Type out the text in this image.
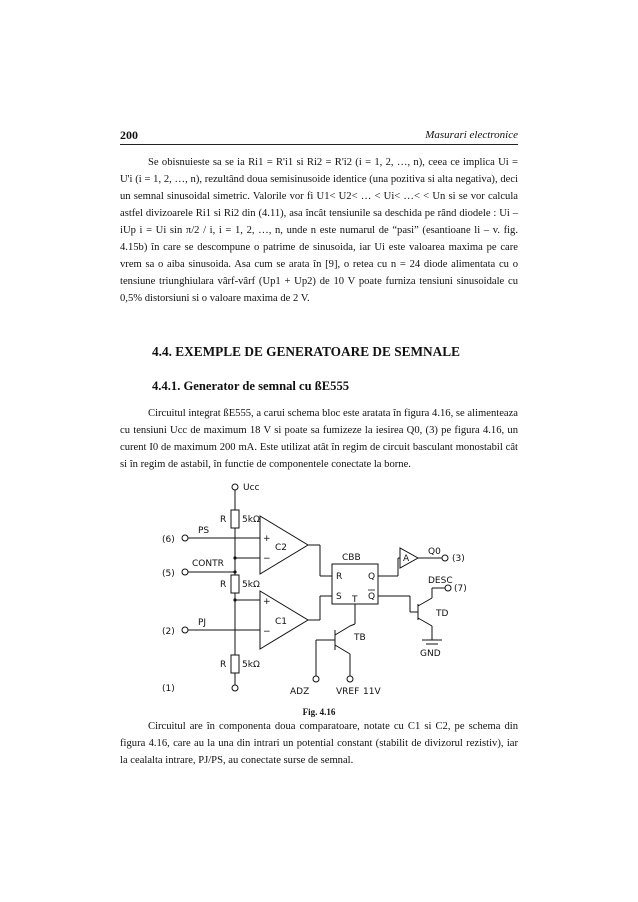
200	Masurari electronice

Se obisnuieste sa se ia Ri1 = R'i1 si Ri2 = R'i2 (i = 1, 2, …, n), ceea ce implica Ui = U'i (i = 1, 2, …, n), rezultând doua semisinusoide identice (una pozitiva si alta negativa), deci un semnal sinusoidal simetric. Valorile vor fi U1< U2< … < Ui< …< < Un si se vor calcula astfel divizoarele Ri1 si Ri2 din (4.11), asa încât tensiunile sa deschida pe rând diodele : Ui – iUp i = Ui sin π/2 / i, i = 1, 2, …, n, unde n este numarul de “pasi” (esantioane li – v. fig. 4.15b) în care se descompune o patrime de sinusoida, iar Ui este valoarea maxima pe care vrem sa o aiba sinusoida. Asa cum se arata în [9], o retea cu n = 24 diode alimentata cu o tensiune triunghiulara vârf-vârf (Up1 + Up2) de 10 V poate furniza tensiuni sinusoidale cu 0,5% distorsiuni si o valoare maxima de 2 V.

4.4. EXEMPLE DE GENERATOARE DE SEMNALE
4.4.1. Generator de semnal cu ßE555

Circuitul integrat ßE555, a carui schema bloc este aratata în figura 4.16, se alimenteaza cu tensiuni Ucc de maximum 18 V si poate sa fumizeze la iesirea Q0, (3) pe figura 4.16, un curent I0 de maximum 200 mA. Este utilizat atât în regim de circuit basculant monostabil cât si în regim de astabil, în functie de componentele conectate la borne.

Ucc
R 5kΩ
R 5kΩ
R 5kΩ
PS
(6)
CONTR
(5)
PJ
(2)
(1)
+
−
C2
+
−
C1
CBB
R
S
Q
Q
T
A
Q0
(3)
DESC
(7)
TD
TB
GND
ADZ	VREF 11V
Fig. 4.16

Circuitul are în componenta doua comparatoare, notate cu C1 si C2, pe schema din figura 4.16, care au la una din intrari un potential constant (stabilit de divizorul rezistiv), iar la cealalta intrare, PJ/PS, au conectate surse de semnal.
